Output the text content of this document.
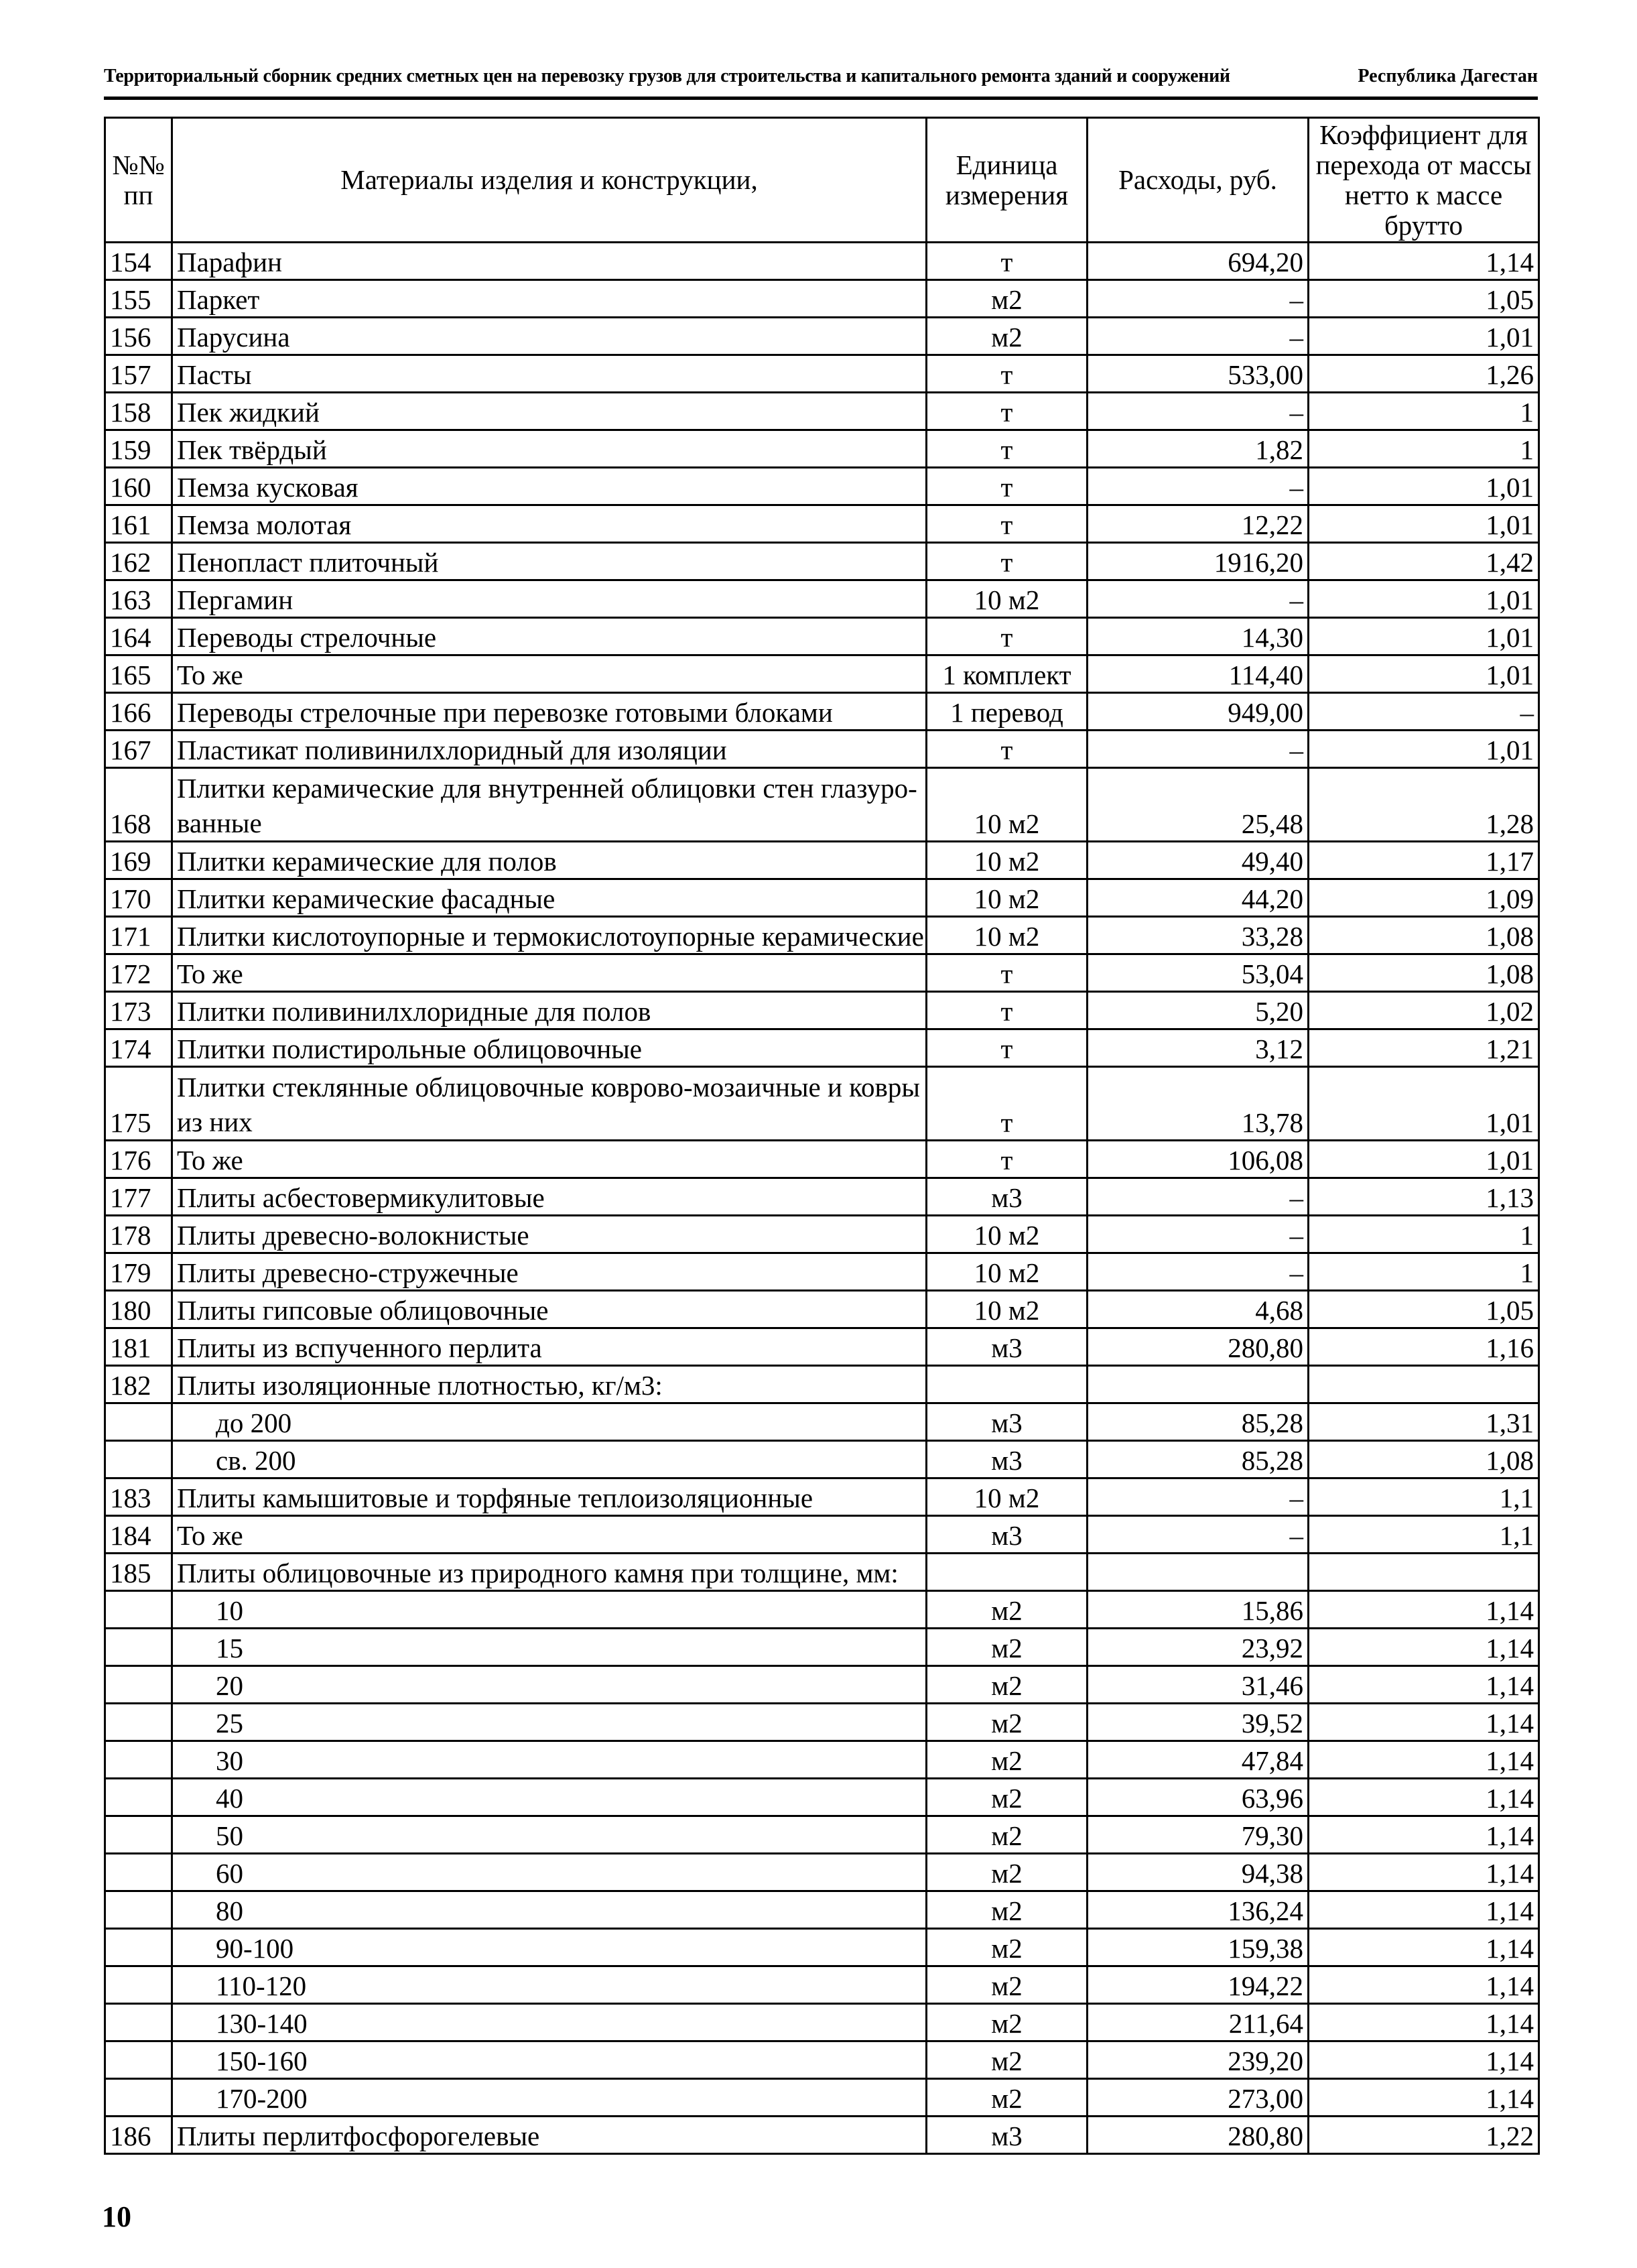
Территориальный сборник средних сметных цен на перевозку грузов для строительства и капитального ремонта зданий и сооружений	Республика Дагестан
№№ пп	Материалы изделия и конструкции,	Единица измерения	Расходы, руб.	Коэффициент для перехода от массы нетто к массе брутто
154	Парафин	т	694,20	1,14
155	Паркет	м2	–	1,05
156	Парусина	м2	–	1,01
157	Пасты	т	533,00	1,26
158	Пек жидкий	т	–	1
159	Пек твёрдый	т	1,82	1
160	Пемза кусковая	т	–	1,01
161	Пемза молотая	т	12,22	1,01
162	Пенопласт плиточный	т	1916,20	1,42
163	Пергамин	10 м2	–	1,01
164	Переводы стрелочные	т	14,30	1,01
165	То же	1 комплект	114,40	1,01
166	Переводы стрелочные при перевозке готовыми блоками	1 перевод	949,00	–
167	Пластикат поливинилхлоридный для изоляции	т	–	1,01
168	Плитки керамические для внутренней облицовки стен глазуро-ванные	10 м2	25,48	1,28
169	Плитки керамические для полов	10 м2	49,40	1,17
170	Плитки керамические фасадные	10 м2	44,20	1,09
171	Плитки кислотоупорные и термокислотоупорные керамические	10 м2	33,28	1,08
172	То же	т	53,04	1,08
173	Плитки поливинилхлоридные для полов	т	5,20	1,02
174	Плитки полистирольные облицовочные	т	3,12	1,21
175	Плитки стеклянные облицовочные коврово-мозаичные и ковры из них	т	13,78	1,01
176	То же	т	106,08	1,01
177	Плиты асбестовермикулитовые	м3	–	1,13
178	Плиты древесно-волокнистые	10 м2	–	1
179	Плиты древесно-стружечные	10 м2	–	1
180	Плиты гипсовые облицовочные	10 м2	4,68	1,05
181	Плиты из вспученного перлита	м3	280,80	1,16
182	Плиты изоляционные плотностью, кг/м3:			
	до 200	м3	85,28	1,31
	св. 200	м3	85,28	1,08
183	Плиты камышитовые и торфяные теплоизоляционные	10 м2	–	1,1
184	То же	м3	–	1,1
185	Плиты облицовочные из природного камня при толщине, мм:			
	10	м2	15,86	1,14
	15	м2	23,92	1,14
	20	м2	31,46	1,14
	25	м2	39,52	1,14
	30	м2	47,84	1,14
	40	м2	63,96	1,14
	50	м2	79,30	1,14
	60	м2	94,38	1,14
	80	м2	136,24	1,14
	90-100	м2	159,38	1,14
	110-120	м2	194,22	1,14
	130-140	м2	211,64	1,14
	150-160	м2	239,20	1,14
	170-200	м2	273,00	1,14
186	Плиты перлитфосфорогелевые	м3	280,80	1,22
10
